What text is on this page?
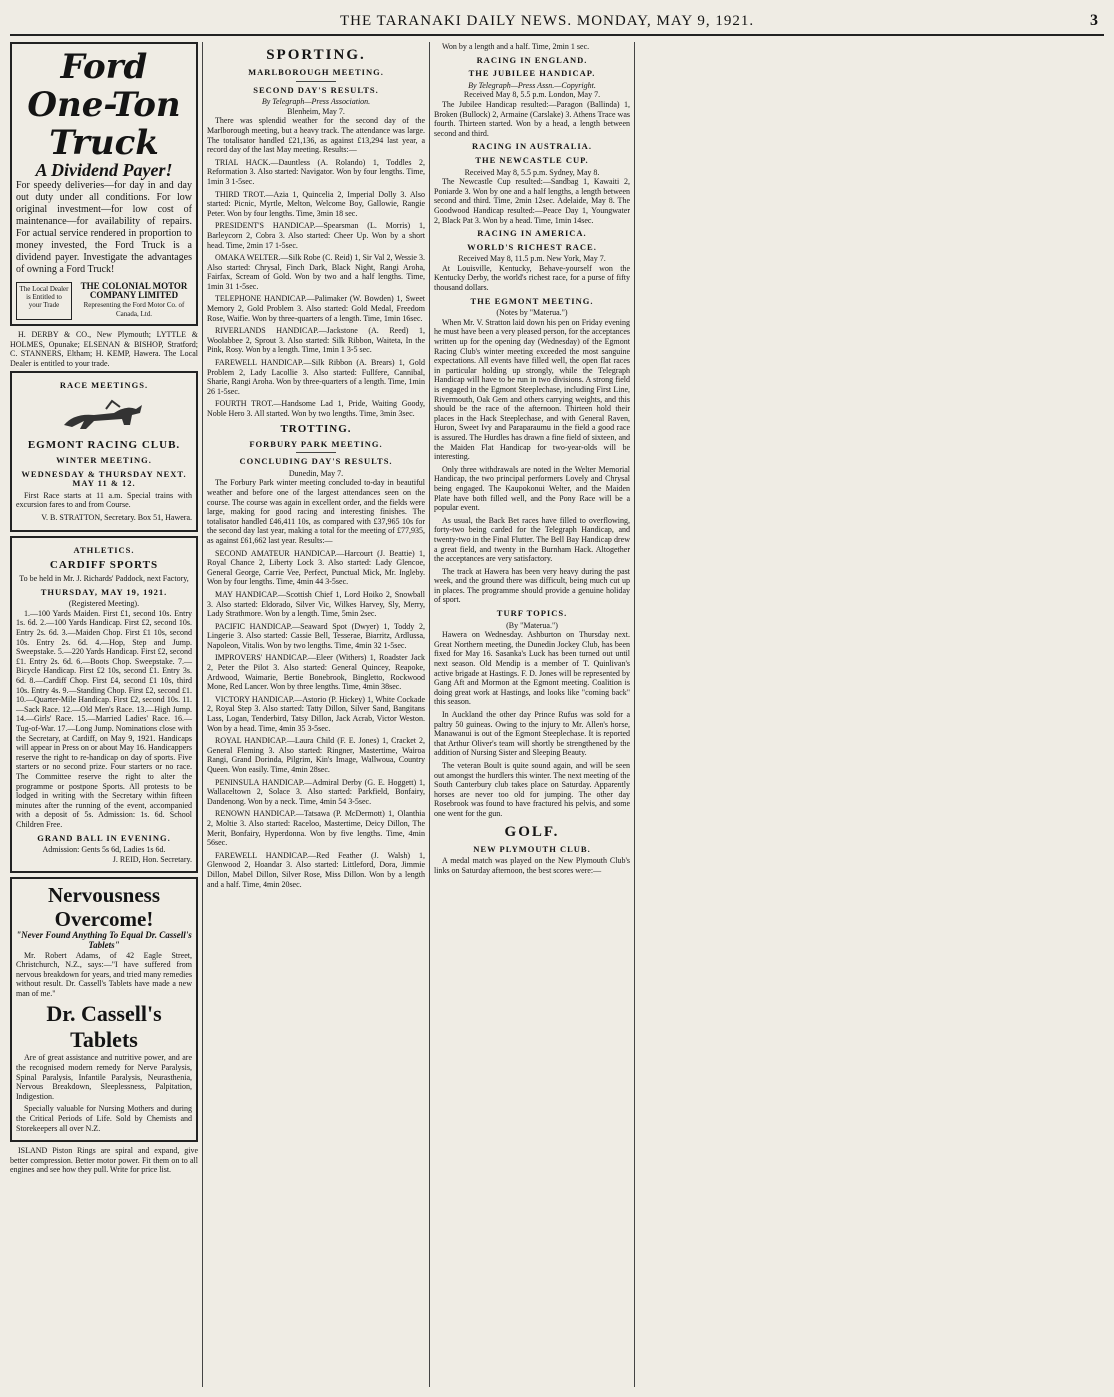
THE TARANAKI DAILY NEWS. MONDAY, MAY 9, 1921.	3
Ford One-Ton Truck
A Dividend Payer!
For speedy deliveries—for day in and day out duty under all conditions. For low original investment—for low cost of maintenance—for availability of repairs. For actual service rendered in proportion to money invested, the Ford Truck is a dividend payer. Investigate the advantages of owning a Ford Truck!
The Local Dealer is Entitled to your Trade
THE COLONIAL MOTOR COMPANY LIMITED
Representing the Ford Motor Co. of Canada, Ltd.
H. DERBY & CO., New Plymouth; LYTTLE & HOLMES, Opunake; ELSENAN & BISHOP, Stratford; C. STANNERS, Eltham; H. KEMP, Hawera. The Local Dealer is entitled to your trade.
RACE MEETINGS.
EGMONT RACING CLUB.
WINTER MEETING.
WEDNESDAY & THURSDAY NEXT. MAY 11 & 12.
First Race starts at 11 a.m. Special trains with excursion fares to and from Course.
V. B. STRATTON, Secretary. Box 51, Hawera.
ATHLETICS.
CARDIFF SPORTS
To be held in Mr. J. Richards' Paddock, next Factory,
THURSDAY, MAY 19, 1921.
(Registered Meeting).
1.—100 Yards Maiden. First £1, second 10s. Entry 1s. 6d. 2.—100 Yards Handicap. First £2, second 10s. Entry 2s. 6d. 3.—Maiden Chop. First £1 10s, second 10s. Entry 2s. 6d. 4.—Hop, Step and Jump. Sweepstake. 5.—220 Yards Handicap. First £2, second £1. Entry 2s. 6d. 6.—Boots Chop. Sweepstake. 7.—Bicycle Handicap. First £2 10s, second £1. Entry 3s. 6d. 8.—Cardiff Chop. First £4, second £1 10s, third 10s. Entry 4s. 9.—Standing Chop. First £2, second £1. 10.—Quarter-Mile Handicap. First £2, second 10s. 11.—Sack Race. 12.—Old Men's Race. 13.—High Jump. 14.—Girls' Race. 15.—Married Ladies' Race. 16.—Tug-of-War. 17.—Long Jump. Nominations close with the Secretary, at Cardiff, on May 9, 1921. Handicaps will appear in Press on or about May 16. Handicappers reserve the right to re-handicap on day of sports. Five starters or no second prize. Four starters or no race. The Committee reserve the right to alter the programme or postpone Sports. All protests to be lodged in writing with the Secretary within fifteen minutes after the running of the event, accompanied with a deposit of 5s. Admission: 1s. 6d. School Children Free.
GRAND BALL IN EVENING.
Admission: Gents 5s 6d, Ladies 1s 6d.
J. REID, Hon. Secretary.
Nervousness Overcome!
"Never Found Anything To Equal Dr. Cassell's Tablets"
Mr. Robert Adams, of 42 Eagle Street, Christchurch, N.Z., says:—"I have suffered from nervous breakdown for years, and tried many remedies without result. Dr. Cassell's Tablets have made a new man of me."
Dr. Cassell's Tablets
Are of great assistance and nutritive power, and are the recognised modern remedy for Nerve Paralysis, Spinal Paralysis, Infantile Paralysis, Neurasthenia, Nervous Breakdown, Sleeplessness, Palpitation, Indigestion.
Specially valuable for Nursing Mothers and during the Critical Periods of Life. Sold by Chemists and Storekeepers all over N.Z.
ISLAND Piston Rings are spiral and expand, give better compression. Better motor power. Fit them on to all engines and see how they pull. Write for price list.
SPORTING.
MARLBOROUGH MEETING.
SECOND DAY'S RESULTS.
By Telegraph—Press Association.
Blenheim, May 7.
There was splendid weather for the second day of the Marlborough meeting, but a heavy track. The attendance was large. The totalisator handled £21,136, as against £13,294 last year, a record day of the last May meeting. Results:—
TRIAL HACK.—Dauntless (A. Rolando) 1, Toddles 2, Reformation 3. Also started: Navigator. Won by four lengths. Time, 1min 3 1-5sec.
THIRD TROT.—Azia 1, Quincelia 2, Imperial Dolly 3. Also started: Picnic, Myrtle, Melton, Welcome Boy, Gallowie, Rangie Peter. Won by four lengths. Time, 3min 18 sec.
PRESIDENT'S HANDICAP.—Spearsman (L. Morris) 1, Barleycorn 2, Cobra 3. Also started: Cheer Up. Won by a short head. Time, 2min 17 1-5sec.
OMAKA WELTER.—Silk Robe (C. Reid) 1, Sir Val 2, Wessie 3. Also started: Chrysal, Finch Dark, Black Night, Rangi Aroha, Fairfax, Scream of Gold. Won by two and a half lengths. Time, 1min 31 1-5sec.
TELEPHONE HANDICAP.—Palimaker (W. Bowden) 1, Sweet Memory 2, Gold Problem 3. Also started: Gold Medal, Freedom Rose, Waifie. Won by three-quarters of a length. Time, 1min 16sec.
RIVERLANDS HANDICAP.—Jackstone (A. Reed) 1, Woolabbee 2, Sprout 3. Also started: Silk Ribbon, Waiteta, In the Pink, Rosy. Won by a length. Time, 1min 1 3-5 sec.
FAREWELL HANDICAP.—Silk Ribbon (A. Brears) 1, Gold Problem 2, Lady Lacollie 3. Also started: Fullfere, Cannibal, Sharie, Rangi Aroha. Won by three-quarters of a length. Time, 1min 26 1-5sec.
FOURTH TROT.—Handsome Lad 1, Pride, Waiting Goody, Noble Hero 3. All started. Won by two lengths. Time, 3min 3sec.
TROTTING.
FORBURY PARK MEETING.
CONCLUDING DAY'S RESULTS.
Dunedin, May 7.
The Forbury Park winter meeting concluded to-day in beautiful weather and before one of the largest attendances seen on the course. The course was again in excellent order, and the fields were large, making for good racing and interesting finishes. The totalisator handled £46,411 10s, as compared with £37,965 10s for the second day last year, making a total for the meeting of £77,935, as against £61,662 last year. Results:—
SECOND AMATEUR HANDICAP.—Harcourt (J. Beattie) 1, Royal Chance 2, Liberty Lock 3. Also started: Lady Glencoe, General George, Carrie Vee, Perfect, Punctual Mick, Mr. Ingleby. Won by four lengths. Time, 4min 44 3-5sec.
MAY HANDICAP.—Scottish Chief 1, Lord Hoiko 2, Snowball 3. Also started: Eldorado, Silver Vic, Wilkes Harvey, Sly, Merry, Lady Strathmore. Won by a length. Time, 5min 2sec.
PACIFIC HANDICAP.—Seaward Spot (Dwyer) 1, Toddy 2, Lingerie 3. Also started: Cassie Bell, Tesserae, Biarritz, Ardlussa, Napoleon, Vitalis. Won by two lengths. Time, 4min 32 1-5sec.
IMPROVERS' HANDICAP.—Eleer (Withers) 1, Roadster Jack 2, Peter the Pilot 3. Also started: General Quincey, Reapoke, Ardwood, Waimarie, Bertie Bonebrook, Bingletto, Rockwood Mone, Red Lancer. Won by three lengths. Time, 4min 38sec.
VICTORY HANDICAP.—Astorio (P. Hickey) 1, White Cockade 2, Royal Step 3. Also started: Tatty Dillon, Silver Sand, Bangitans Lass, Logan, Tenderbird, Tatsy Dillon, Jack Acrab, Victor Weston. Won by a head. Time, 4min 35 3-5sec.
ROYAL HANDICAP.—Laura Child (F. E. Jones) 1, Cracket 2, General Fleming 3. Also started: Ringner, Mastertime, Wairoa Rangi, Grand Dorinda, Pilgrim, Kin's Image, Wallwoua, Country Queen. Won easily. Time, 4min 28sec.
PENINSULA HANDICAP.—Admiral Derby (G. E. Hoggett) 1, Wallaceltown 2, Solace 3. Also started: Parkfield, Bonfairy, Dandenong. Won by a neck. Time, 4min 54 3-5sec.
RENOWN HANDICAP.—Tatsawa (P. McDermott) 1, Olanthia 2, Moltie 3. Also started: Raceloo, Mastertime, Deicy Dillon, The Merit, Bonfairy, Hyperdonna. Won by five lengths. Time, 4min 56sec.
FAREWELL HANDICAP.—Red Feather (J. Walsh) 1, Glenwood 2, Hoandar 3. Also started: Littleford, Dora, Jimmie Dillon, Mabel Dillon, Silver Rose, Miss Dillon. Won by a length and a half. Time, 4min 20sec.
Won by a length and a half. Time, 2min 1 sec.
RACING IN ENGLAND.
THE JUBILEE HANDICAP.
By Telegraph—Press Assn.—Copyright.
Received May 8, 5.5 p.m. London, May 7.
The Jubilee Handicap resulted:—Paragon (Ballinda) 1, Broken (Bullock) 2, Armaine (Carslake) 3. Athens Trace was fourth. Thirteen started. Won by a head, a length between second and third.
RACING IN AUSTRALIA.
THE NEWCASTLE CUP.
Received May 8, 5.5 p.m. Sydney, May 8.
The Newcastle Cup resulted:—Sandbag 1, Kawaiti 2, Poniarde 3. Won by one and a half lengths, a length between second and third. Time, 2min 12sec. Adelaide, May 8. The Goodwood Handicap resulted:—Peace Day 1, Youngwater 2, Black Pat 3. Won by a head. Time, 1min 14sec.
RACING IN AMERICA.
WORLD'S RICHEST RACE.
Received May 8, 11.5 p.m. New York, May 7.
At Louisville, Kentucky, Behave-yourself won the Kentucky Derby, the world's richest race, for a purse of fifty thousand dollars.
THE EGMONT MEETING.
(Notes by "Materua.")
When Mr. V. Stratton laid down his pen on Friday evening he must have been a very pleased person, for the acceptances written up for the opening day (Wednesday) of the Egmont Racing Club's winter meeting exceeded the most sanguine expectations. All events have filled well, the open flat races in particular holding up strongly, while the Telegraph Handicap will have to be run in two divisions. A strong field is engaged in the Egmont Steeplechase, including First Line, Rivermouth, Oak Gem and others carrying weights, and this should be the race of the afternoon. Thirteen hold their places in the Hack Steeplechase, and with General Raven, Huron, Sweet Ivy and Paraparaumu in the field a good race is assured. The Hurdles has drawn a fine field of sixteen, and the Maiden Flat Handicap for two-year-olds will be interesting.
Only three withdrawals are noted in the Welter Memorial Handicap, the two principal performers Lovely and Chrysal being engaged. The Kaupokonui Welter, and the Maiden Plate have both filled well, and the Pony Race will be a popular event.
As usual, the Back Bet races have filled to overflowing, forty-two being carded for the Telegraph Handicap, and twenty-two in the Final Flutter. The Bell Bay Handicap drew a great field, and twenty in the Burnham Hack. Altogether the acceptances are very satisfactory.
The track at Hawera has been very heavy during the past week, and the ground there was difficult, being much cut up in places. The programme should provide a genuine holiday of sport.
TURF TOPICS.
(By "Materua.")
Hawera on Wednesday. Ashburton on Thursday next. Great Northern meeting, the Dunedin Jockey Club, has been fixed for May 16. Sasanka's Luck has been turned out until next season. Old Mendip is a member of T. Quinlivan's active brigade at Hastings. F. D. Jones will be represented by Gang Aft and Mormon at the Egmont meeting. Coalition is doing great work at Hastings, and looks like "coming back" this season.
In Auckland the other day Prince Rufus was sold for a paltry 50 guineas. Owing to the injury to Mr. Allen's horse, Manawanui is out of the Egmont Steeplechase. It is reported that Arthur Oliver's team will shortly be strengthened by the addition of Nursing Sister and Sleeping Beauty.
The veteran Boult is quite sound again, and will be seen out amongst the hurdlers this winter. The next meeting of the South Canterbury club takes place on Saturday. Apparently horses are never too old for jumping. The other day Rosebrook was found to have fractured his pelvis, and some one went for the gun.
GOLF.
NEW PLYMOUTH CLUB.
A medal match was played on the New Plymouth Club's links on Saturday afternoon, the best scores were:—
